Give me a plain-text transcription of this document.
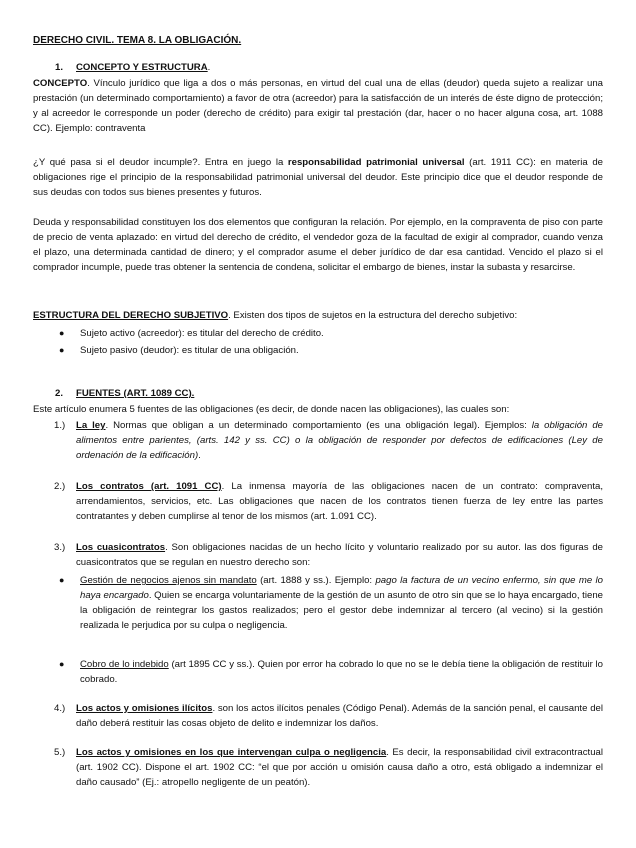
DERECHO CIVIL. TEMA 8. LA OBLIGACIÓN.
1. CONCEPTO Y ESTRUCTURA.

CONCEPTO. Vínculo jurídico que liga a dos o más personas, en virtud del cual una de ellas (deudor) queda sujeto a realizar una prestación (un determinado comportamiento) a favor de otra (acreedor) para la satisfacción de un interés de éste digno de protección; y al acreedor le corresponde un poder (derecho de crédito) para exigir tal prestación (dar, hacer o no hacer alguna cosa, art. 1088 CC). Ejemplo: contraventa

¿Y qué pasa si el deudor incumple?. Entra en juego la responsabilidad patrimonial universal (art. 1911 CC): en materia de obligaciones rige el principio de la responsabilidad patrimonial universal del deudor. Este principio dice que el deudor responde de sus deudas con todos sus bienes presentes y futuros.

Deuda y responsabilidad constituyen los dos elementos que configuran la relación. Por ejemplo, en la compraventa de piso con parte de precio de venta aplazado: en virtud del derecho de crédito, el vendedor goza de la facultad de exigir al comprador, cuando venza el plazo, una determinada cantidad de dinero; y el comprador asume el deber jurídico de dar esa cantidad. Vencido el plazo si el comprador incumple, puede tras obtener la sentencia de condena, solicitar el embargo de bienes, instar la subasta y resarcirse.

ESTRUCTURA DEL DERECHO SUBJETIVO. Existen dos tipos de sujetos en la estructura del derecho subjetivo:

● Sujeto activo (acreedor): es titular del derecho de crédito.
● Sujeto pasivo (deudor): es titular de una obligación.
2. FUENTES (ART. 1089 CC).

Este artículo enumera 5 fuentes de las obligaciones (es decir, de donde nacen las obligaciones), las cuales son:

1.) La ley. Normas que obligan a un determinado comportamiento (es una obligación legal). Ejemplos: la obligación de alimentos entre parientes, (arts. 142 y ss. CC) o la obligación de responder por defectos de edificaciones (Ley de ordenación de la edificación).

2.) Los contratos (art. 1091 CC). La inmensa mayoría de las obligaciones nacen de un contrato: compraventa, arrendamientos, servicios, etc. Las obligaciones que nacen de los contratos tienen fuerza de ley entre las partes contratantes y deben cumplirse al tenor de los mismos (art. 1.091 CC).

3.) Los cuasicontratos. Son obligaciones nacidas de un hecho lícito y voluntario realizado por su autor. las dos figuras de cuasicontratos que se regulan en nuestro derecho son:

● Gestión de negocios ajenos sin mandato (art. 1888 y ss.). Ejemplo: pago la factura de un vecino enfermo, sin que me lo haya encargado. Quien se encarga voluntariamente de la gestión de un asunto de otro sin que se lo haya encargado, tiene la obligación de reintegrar los gastos realizados; pero el gestor debe indemnizar al tercero (al vecino) si la gestión realizada le perjudica por su culpa o negligencia.

● Cobro de lo indebido (art 1895 CC y ss.). Quien por error ha cobrado lo que no se le debía tiene la obligación de restituir lo cobrado.

4.) Los actos y omisiones ilícitos. son los actos ilícitos penales (Código Penal). Además de la sanción penal, el causante del daño deberá restituir las cosas objeto de delito e indemnizar los daños.

5.) Los actos y omisiones en los que intervengan culpa o negligencia. Es decir, la responsabilidad civil extracontractual (art. 1902 CC). Dispone el art. 1902 CC: “el que por acción u omisión causa daño a otro, está obligado a indemnizar el daño causado” (Ej.: atropello negligente de un peatón).
